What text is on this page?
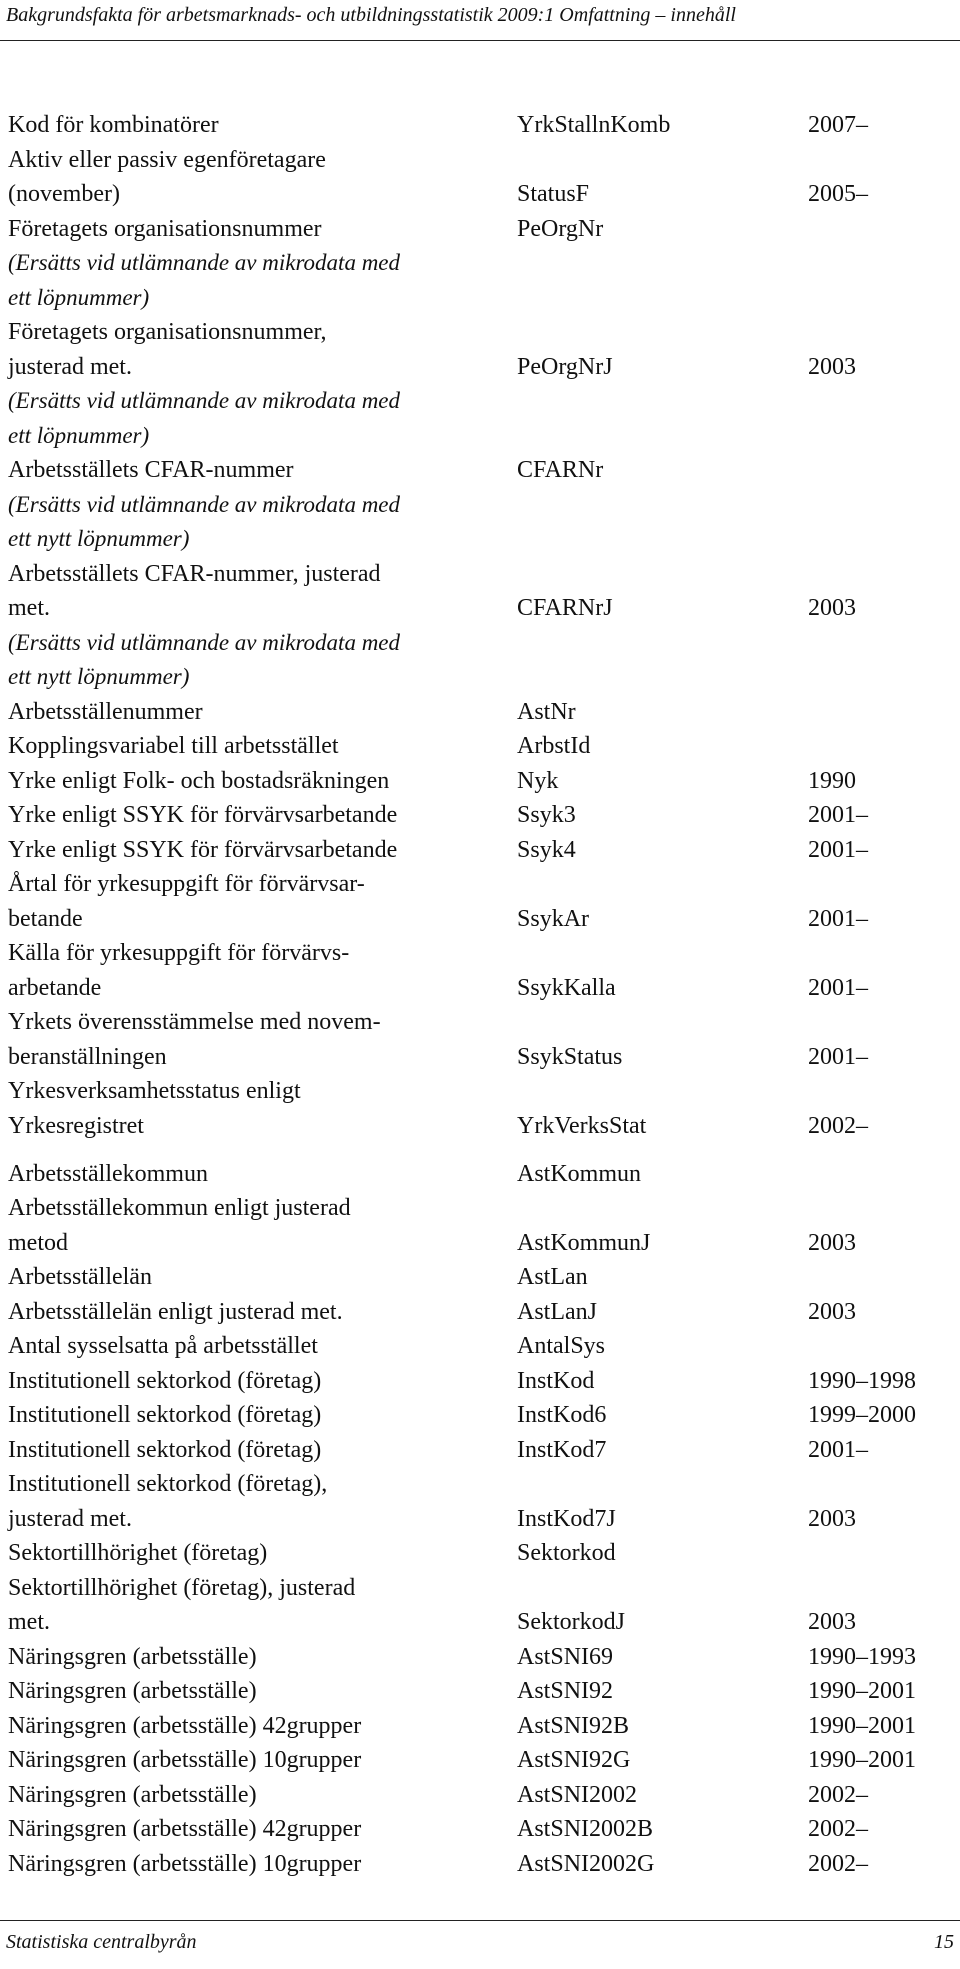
Bakgrundsfakta för arbetsmarknads- och utbildningsstatistik 2009:1 Omfattning – innehåll
Kod för kombinatörer	YrkStallnKomb	2007–
Aktiv eller passiv egenföretagare
(november)	StatusF	2005–
Företagets organisationsnummer	PeOrgNr
(Ersätts vid utlämnande av mikrodata med
ett löpnummer)
Företagets organisationsnummer,
justerad met.	PeOrgNrJ	2003
(Ersätts vid utlämnande av mikrodata med
ett löpnummer)
Arbetsställets CFAR-nummer	CFARNr
(Ersätts vid utlämnande av mikrodata med
ett nytt löpnummer)
Arbetsställets CFAR-nummer, justerad
met.	CFARNrJ	2003
(Ersätts vid utlämnande av mikrodata med
ett nytt löpnummer)
Arbetsställenummer	AstNr
Kopplingsvariabel till arbetsstället	ArbstId
Yrke enligt Folk- och bostadsräkningen	Nyk	1990
Yrke enligt SSYK för förvärvsarbetande	Ssyk3	2001–
Yrke enligt SSYK för förvärvsarbetande	Ssyk4	2001–
Årtal för yrkesuppgift för förvärvsar-
betande	SsykAr	2001–
Källa för yrkesuppgift för förvärvs-
arbetande	SsykKalla	2001–
Yrkets överensstämmelse med novem-
beranställningen	SsykStatus	2001–
Yrkesverksamhetsstatus enligt
Yrkesregistret	YrkVerksStat	2002–
Arbetsställekommun	AstKommun
Arbetsställekommun enligt justerad
metod	AstKommunJ	2003
Arbetsställelän	AstLan
Arbetsställelän enligt justerad met.	AstLanJ	2003
Antal sysselsatta på arbetsstället	AntalSys
Institutionell sektorkod (företag)	InstKod	1990–1998
Institutionell sektorkod (företag)	InstKod6	1999–2000
Institutionell sektorkod (företag)	InstKod7	2001–
Institutionell sektorkod (företag),
justerad met.	InstKod7J	2003
Sektortillhörighet (företag)	Sektorkod
Sektortillhörighet (företag), justerad
met.	SektorkodJ	2003
Näringsgren (arbetsställe)	AstSNI69	1990–1993
Näringsgren (arbetsställe)	AstSNI92	1990–2001
Näringsgren (arbetsställe) 42grupper	AstSNI92B	1990–2001
Näringsgren (arbetsställe) 10grupper	AstSNI92G	1990–2001
Näringsgren (arbetsställe)	AstSNI2002	2002–
Näringsgren (arbetsställe) 42grupper	AstSNI2002B	2002–
Näringsgren (arbetsställe) 10grupper	AstSNI2002G	2002–
Statistiska centralbyrån	15
